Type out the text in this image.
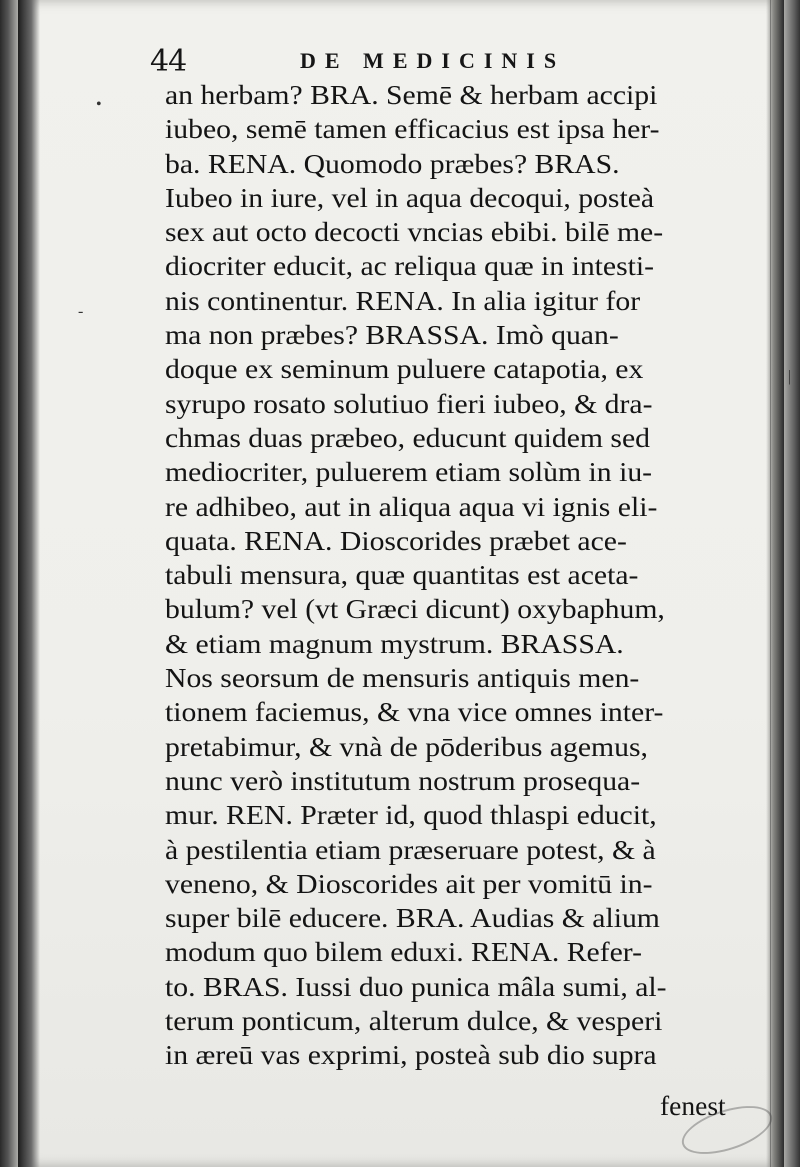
44	DE MEDICINIS
an herbam? BRA. Semē & herbam accipi
iubeo, semē tamen efficacius est ipsa her-
ba. RENA. Quomodo præbes? BRAS.
Iubeo in iure, vel in aqua decoqui, posteà
sex aut octo decocti vncias ebibi. bilē me-
diocriter educit, ac reliqua quæ in intesti-
nis continentur. RENA. In alia igitur for
ma non præbes? BRASSA. Imò quan-
doque ex seminum puluere catapotia, ex
syrupo rosato solutiuo fieri iubeo, & dra-
chmas duas præbeo, educunt quidem sed
mediocriter, puluerem etiam solùm in iu-
re adhibeo, aut in aliqua aqua vi ignis eli-
quata. RENA. Dioscorides præbet ace-
tabuli mensura, quæ quantitas est aceta-
bulum? vel (vt Græci dicunt) oxybaphum,
& etiam magnum mystrum. BRASSA.
Nos seorsum de mensuris antiquis men-
tionem faciemus, & vna vice omnes inter-
pretabimur, & vnà de pōderibus agemus,
nunc verò institutum nostrum prosequa-
mur. REN. Præter id, quod thlaspi educit,
à pestilentia etiam præseruare potest, & à
veneno, & Dioscorides ait per vomitū in-
super bilē educere. BRA. Audias & alium
modum quo bilem eduxi. RENA. Refer-
to. BRAS. Iussi duo punica mâla sumi, al-
terum ponticum, alterum dulce, & vesperi
in æreū vas exprimi, posteà sub dio supra
fenest
•
-
|
